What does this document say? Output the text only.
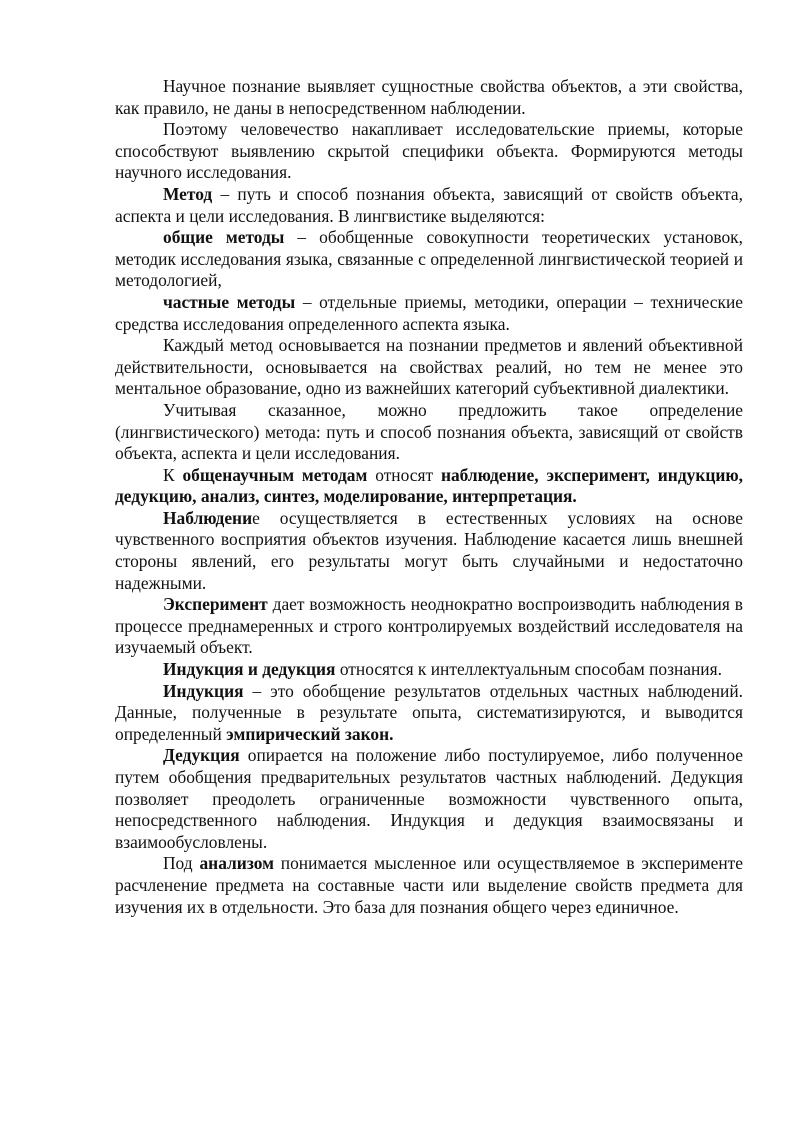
Научное познание выявляет сущностные свойства объектов, а эти свойства, как правило, не даны в непосредственном наблюдении.

Поэтому человечество накапливает исследовательские приемы, которые способствуют выявлению скрытой специфики объекта. Формируются методы научного исследования.

Метод – путь и способ познания объекта, зависящий от свойств объекта, аспекта и цели исследования. В лингвистике выделяются:

общие методы – обобщенные совокупности теоретических установок, методик исследования языка, связанные с определенной лингвистической теорией и методологией,

частные методы – отдельные приемы, методики, операции – технические средства исследования определенного аспекта языка.

Каждый метод основывается на познании предметов и явлений объективной действительности, основывается на свойствах реалий, но тем не менее это ментальное образование, одно из важнейших категорий субъективной диалектики.

Учитывая сказанное, можно предложить такое определение (лингвистического) метода: путь и способ познания объекта, зависящий от свойств объекта, аспекта и цели исследования.

К общенаучным методам относят наблюдение, эксперимент, индукцию, дедукцию, анализ, синтез, моделирование, интерпретация.

Наблюдение осуществляется в естественных условиях на основе чувственного восприятия объектов изучения. Наблюдение касается лишь внешней стороны явлений, его результаты могут быть случайными и недостаточно надежными.

Эксперимент дает возможность неоднократно воспроизводить наблюдения в процессе преднамеренных и строго контролируемых воздействий исследователя на изучаемый объект.

Индукция и дедукция относятся к интеллектуальным способам познания.

Индукция – это обобщение результатов отдельных частных наблюдений. Данные, полученные в результате опыта, систематизируются, и выводится определенный эмпирический закон.

Дедукция опирается на положение либо постулируемое, либо полученное путем обобщения предварительных результатов частных наблюдений. Дедукция позволяет преодолеть ограниченные возможности чувственного опыта, непосредственного наблюдения. Индукция и дедукция взаимосвязаны и взаимообусловлены.

Под анализом понимается мысленное или осуществляемое в эксперименте расчленение предмета на составные части или выделение свойств предмета для изучения их в отдельности. Это база для познания общего через единичное.
